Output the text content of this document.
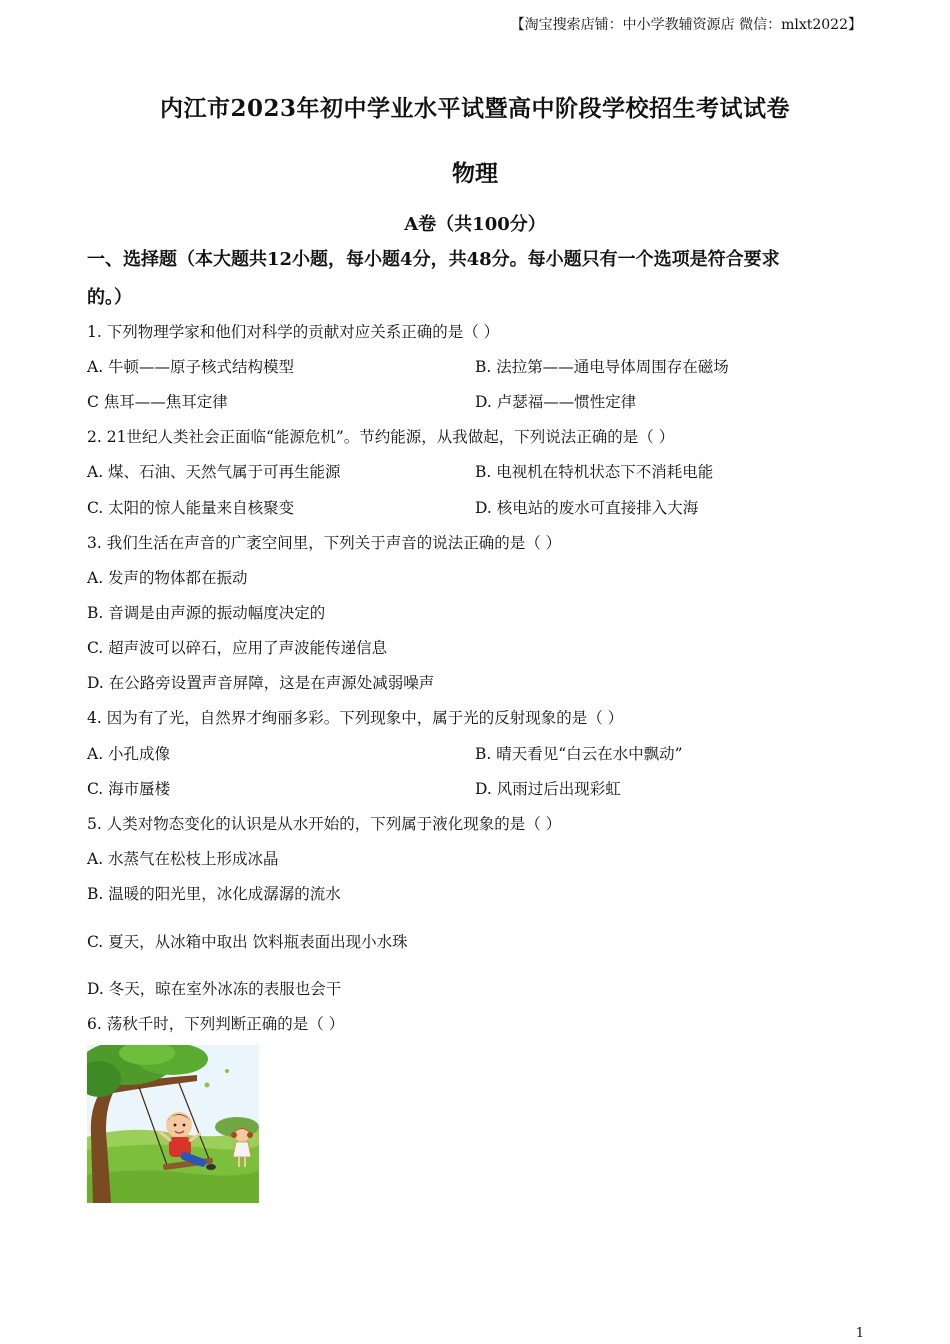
【淘宝搜索店铺：中小学教辅资源店 微信：mlxt2022】
内江市2023年初中学业水平试暨高中阶段学校招生考试试卷
物理
A卷（共100分）
一、选择题（本大题共12小题，每小题4分，共48分。每小题只有一个选项是符合要求
的。）
1. 下列物理学家和他们对科学的贡献对应关系正确的是（ ）
A. 牛顿——原子核式结构模型	B. 法拉第——通电导体周围存在磁场
C 焦耳——焦耳定律	D. 卢瑟福——惯性定律
2. 21世纪人类社会正面临“能源危机”。节约能源，从我做起，下列说法正确的是（ ）
A. 煤、石油、天然气属于可再生能源	B. 电视机在特机状态下不消耗电能
C. 太阳的惊人能量来自核聚变	D. 核电站的废水可直接排入大海
3. 我们生活在声音的广袤空间里，下列关于声音的说法正确的是（ ）
A. 发声的物体都在振动
B. 音调是由声源的振动幅度决定的
C. 超声波可以碎石，应用了声波能传递信息
D. 在公路旁设置声音屏障，这是在声源处减弱噪声
4. 因为有了光，自然界才绚丽多彩。下列现象中，属于光的反射现象的是（ ）
A. 小孔成像	B. 晴天看见“白云在水中飘动”
C. 海市蜃楼	D. 风雨过后出现彩虹
5. 人类对物态变化的认识是从水开始的，下列属于液化现象的是（ ）
A. 水蒸气在松枝上形成冰晶
B. 温暖的阳光里，冰化成潺潺的流水
C. 夏天，从冰箱中取出 饮料瓶表面出现小水珠
D. 冬天，晾在室外冰冻的表服也会干
6. 荡秋千时，下列判断正确的是（ ）
1
